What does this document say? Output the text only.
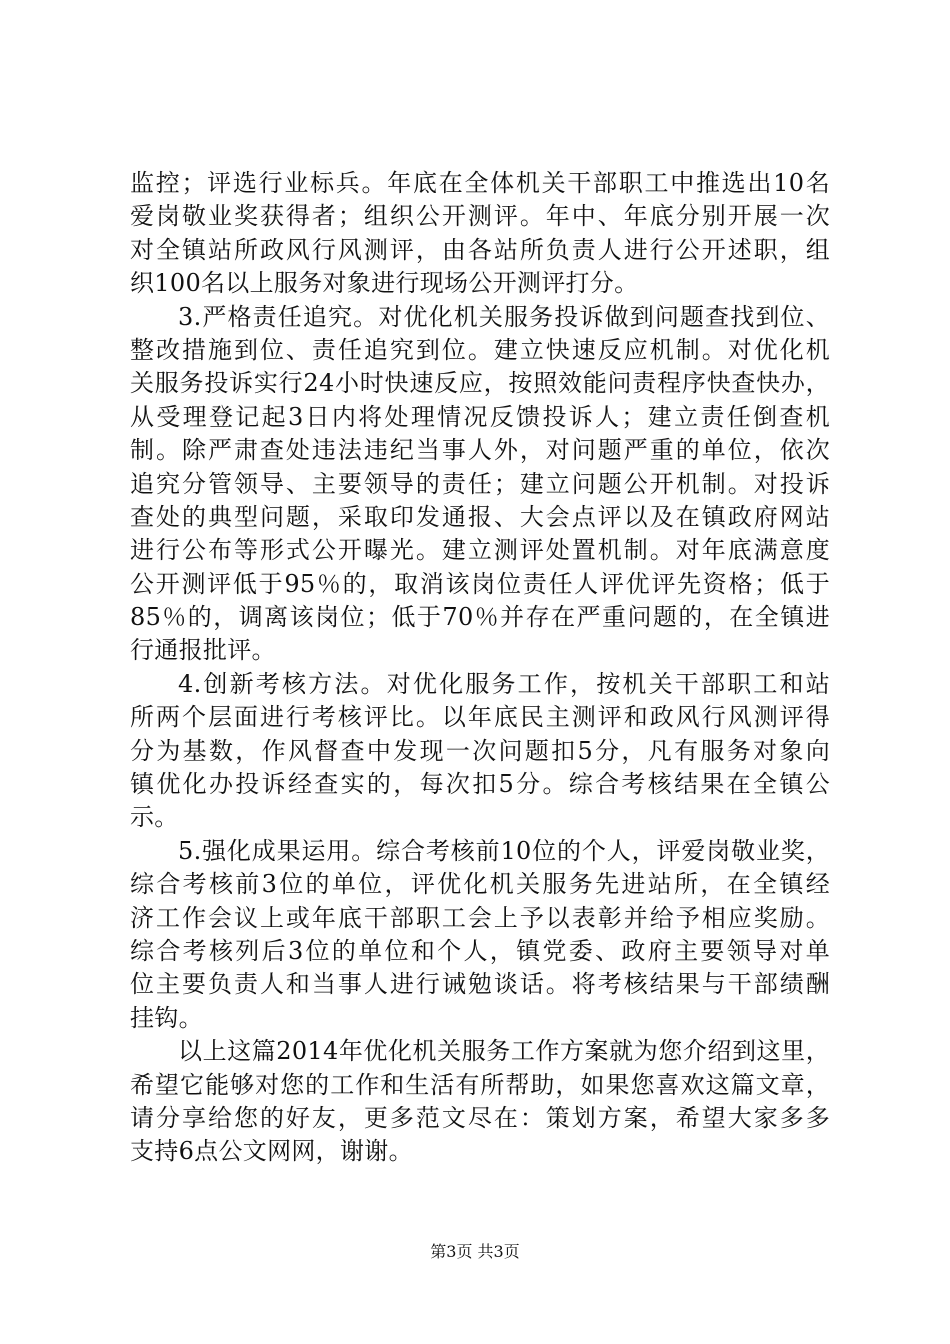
监控；评选行业标兵。年底在全体机关干部职工中推选出10名
爱岗敬业奖获得者；组织公开测评。年中、年底分别开展一次
对全镇站所政风行风测评，由各站所负责人进行公开述职，组
织100名以上服务对象进行现场公开测评打分。
3.严格责任追究。对优化机关服务投诉做到问题查找到位、
整改措施到位、责任追究到位。建立快速反应机制。对优化机
关服务投诉实行24小时快速反应，按照效能问责程序快查快办，
从受理登记起3日内将处理情况反馈投诉人；建立责任倒查机
制。除严肃查处违法违纪当事人外，对问题严重的单位，依次
追究分管领导、主要领导的责任；建立问题公开机制。对投诉
查处的典型问题，采取印发通报、大会点评以及在镇政府网站
进行公布等形式公开曝光。建立测评处置机制。对年底满意度
公开测评低于95％的，取消该岗位责任人评优评先资格；低于
85％的，调离该岗位；低于70％并存在严重问题的，在全镇进
行通报批评。
4.创新考核方法。对优化服务工作，按机关干部职工和站
所两个层面进行考核评比。以年底民主测评和政风行风测评得
分为基数，作风督查中发现一次问题扣5分，凡有服务对象向
镇优化办投诉经查实的，每次扣5分。综合考核结果在全镇公
示。
5.强化成果运用。综合考核前10位的个人，评爱岗敬业奖，
综合考核前3位的单位，评优化机关服务先进站所，在全镇经
济工作会议上或年底干部职工会上予以表彰并给予相应奖励。
综合考核列后3位的单位和个人，镇党委、政府主要领导对单
位主要负责人和当事人进行诫勉谈话。将考核结果与干部绩酬
挂钩。
以上这篇2014年优化机关服务工作方案就为您介绍到这里，
希望它能够对您的工作和生活有所帮助，如果您喜欢这篇文章，
请分享给您的好友，更多范文尽在：策划方案，希望大家多多
支持6点公文网网，谢谢。
第3页 共3页
